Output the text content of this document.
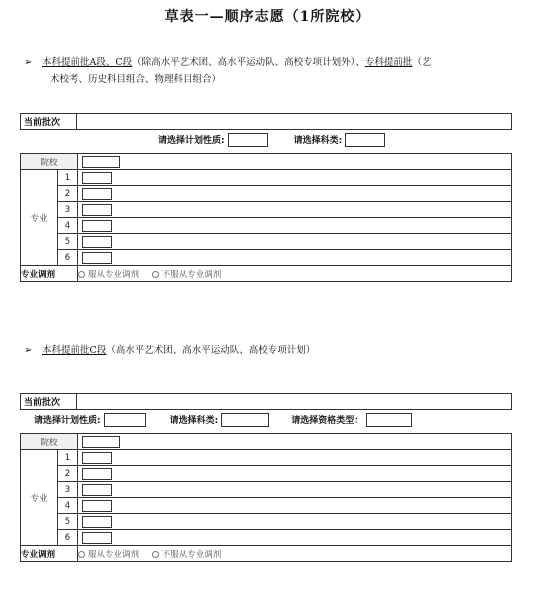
草表一—顺序志愿（1所院校）
➢ 本科提前批A段、C段（除高水平艺术团、高水平运动队、高校专项计划外）、专科提前批（艺
术校考、历史科目组合、物理科目组合）
当前批次
请选择计划性质:	请选择科类:
院校		

专业	1	

	2	

	3	

	4	

	5	

	6	

专业调剂		服从专业调剂 不服从专业调剂
➢ 本科提前批C段（高水平艺术团、高水平运动队、高校专项计划）
当前批次
请选择计划性质:	请选择科类:	请选择资格类型：
院校		

专业	1	

	2	

	3	

	4	

	5	

	6	

专业调剂		服从专业调剂 不服从专业调剂
